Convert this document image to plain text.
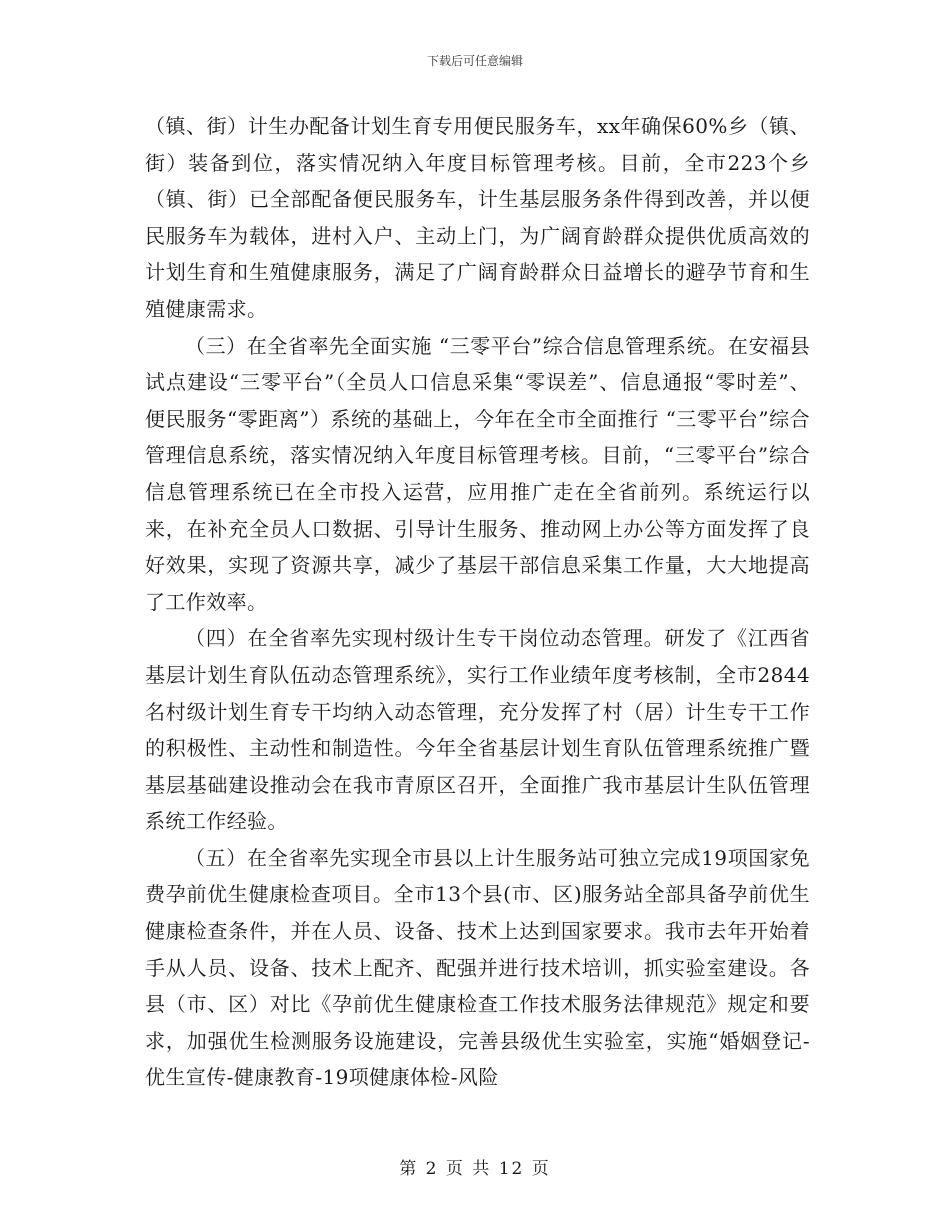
下载后可任意编辑

（镇、街）计生办配备计划生育专用便民服务车，xx年确保60%乡（镇、街）装备到位，落实情况纳入年度目标管理考核。目前，全市223个乡（镇、街）已全部配备便民服务车，计生基层服务条件得到改善，并以便民服务车为载体，进村入户、主动上门，为广阔育龄群众提供优质高效的计划生育和生殖健康服务，满足了广阔育龄群众日益增长的避孕节育和生殖健康需求。

（三）在全省率先全面实施 “三零平台”综合信息管理系统。在安福县试点建设“三零平台”（全员人口信息采集“零误差”、信息通报“零时差”、便民服务“零距离”）系统的基础上，今年在全市全面推行 “三零平台”综合管理信息系统，落实情况纳入年度目标管理考核。目前，“三零平台”综合信息管理系统已在全市投入运营，应用推广走在全省前列。系统运行以来，在补充全员人口数据、引导计生服务、推动网上办公等方面发挥了良好效果，实现了资源共享，减少了基层干部信息采集工作量，大大地提高了工作效率。

（四）在全省率先实现村级计生专干岗位动态管理。研发了《江西省基层计划生育队伍动态管理系统》，实行工作业绩年度考核制，全市2844名村级计划生育专干均纳入动态管理，充分发挥了村（居）计生专干工作的积极性、主动性和制造性。今年全省基层计划生育队伍管理系统推广暨基层基础建设推动会在我市青原区召开，全面推广我市基层计生队伍管理系统工作经验。

（五）在全省率先实现全市县以上计生服务站可独立完成19项国家免费孕前优生健康检查项目。全市13个县(市、区)服务站全部具备孕前优生健康检查条件，并在人员、设备、技术上达到国家要求。我市去年开始着手从人员、设备、技术上配齐、配强并进行技术培训，抓实验室建设。各县（市、区）对比《孕前优生健康检查工作技术服务法律规范》规定和要求，加强优生检测服务设施建设，完善县级优生实验室，实施“婚姻登记-优生宣传-健康教育-19项健康体检-风险

第 2 页 共 12 页
